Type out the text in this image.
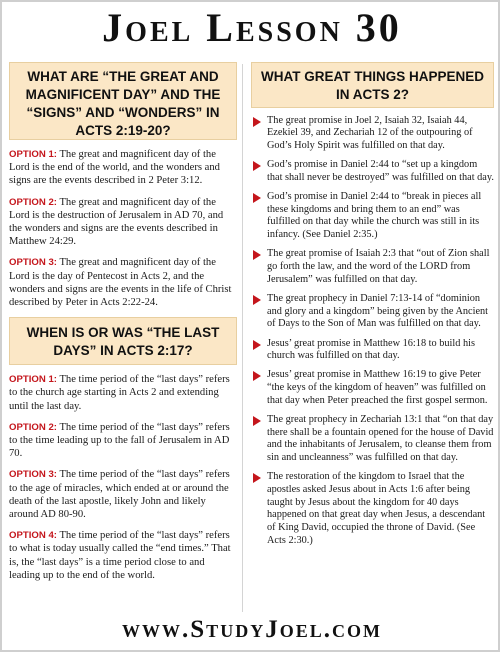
Joel Lesson 30
WHAT ARE “THE GREAT AND MAGNIFICENT DAY” AND THE “SIGNS” AND “WONDERS” IN ACTS 2:19-20?
OPTION 1: The great and magnificent day of the Lord is the end of the world, and the wonders and signs are the events described in 2 Peter 3:12.
OPTION 2: The great and magnificent day of the Lord is the destruction of Jerusalem in AD 70, and the wonders and signs are the events described in Matthew 24:29.
OPTION 3: The great and magnificent day of the Lord is the day of Pentecost in Acts 2, and the wonders and signs are the events in the life of Christ described by Peter in Acts 2:22-24.
WHEN IS OR WAS “THE LAST DAYS” IN ACTS 2:17?
OPTION 1: The time period of the “last days” refers to the church age starting in Acts 2 and extending until the last day.
OPTION 2: The time period of the “last days” refers to the time leading up to the fall of Jerusalem in AD 70.
OPTION 3: The time period of the “last days” refers to the age of miracles, which ended at or around the death of the last apostle, likely John and likely around AD 80-90.
OPTION 4: The time period of the “last days” refers to what is today usually called the “end times.” That is, the “last days” is a time period close to and leading up to the end of the world.
WHAT GREAT THINGS HAPPENED IN ACTS 2?
The great promise in Joel 2, Isaiah 32, Isaiah 44, Ezekiel 39, and Zechariah 12 of the outpouring of God’s Holy Spirit was fulfilled on that day.
God’s promise in Daniel 2:44 to “set up a kingdom that shall never be destroyed” was fulfilled on that day.
God’s promise in Daniel 2:44 to “break in pieces all these kingdoms and bring them to an end” was fulfilled on that day while the church was still in its infancy. (See Daniel 2:35.)
The great promise of Isaiah 2:3 that “out of Zion shall go forth the law, and the word of the LORD from Jerusalem” was fulfilled on that day.
The great prophecy in Daniel 7:13-14 of “dominion and glory and a kingdom” being given by the Ancient of Days to the Son of Man was fulfilled on that day.
Jesus’ great promise in Matthew 16:18 to build his church was fulfilled on that day.
Jesus’ great promise in Matthew 16:19 to give Peter “the keys of the kingdom of heaven” was fulfilled on that day when Peter preached the first gospel sermon.
The great prophecy in Zechariah 13:1 that “on that day there shall be a fountain opened for the house of David and the inhabitants of Jerusalem, to cleanse them from sin and uncleanness” was fulfilled on that day.
The restoration of the kingdom to Israel that the apostles asked Jesus about in Acts 1:6 after being taught by Jesus about the kingdom for 40 days happened on that great day when Jesus, a descendant of King David, occupied the throne of David. (See Acts 2:30.)
www.StudyJoel.com
